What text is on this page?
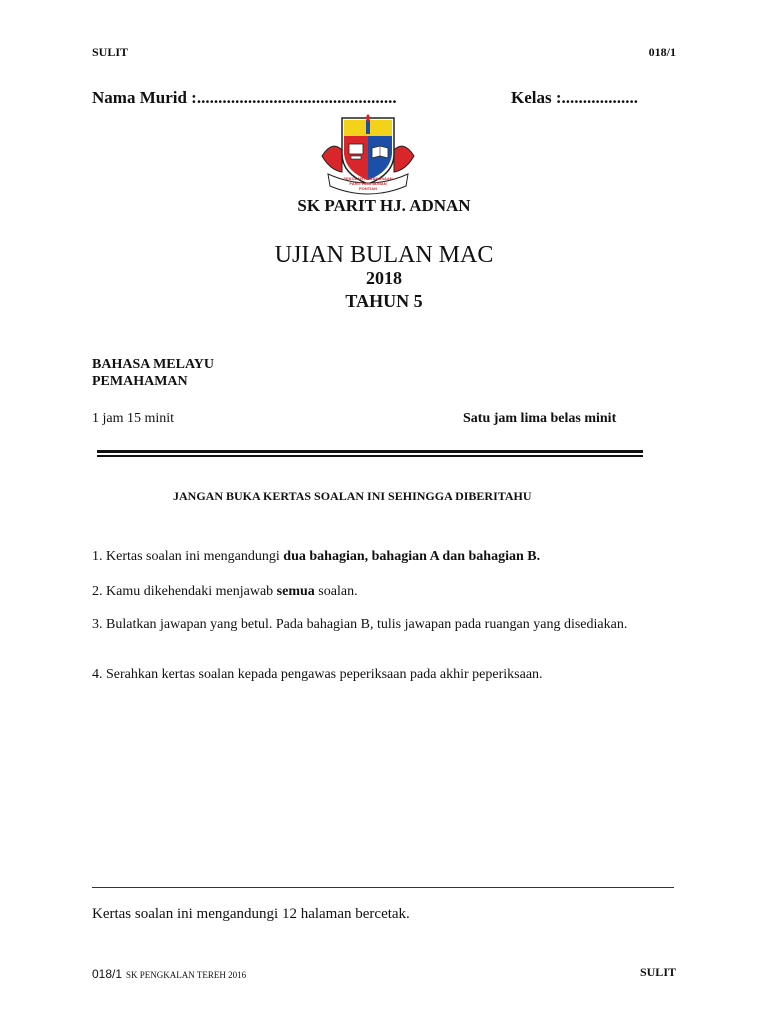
SULIT	018/1
Nama Murid :...............................................	Kelas :..................
SEKOLAH KEBANGSAAN
PARIT HAJI ADNAN PONTIAN
SK PARIT HJ. ADNAN
UJIAN BULAN MAC
2018
TAHUN 5
BAHASA MELAYU
PEMAHAMAN
1 jam 15 minit	Satu jam lima belas minit
JANGAN BUKA KERTAS SOALAN INI SEHINGGA DIBERITAHU
1. Kertas soalan ini mengandungi dua bahagian, bahagian A dan bahagian B.
2. Kamu dikehendaki menjawab semua soalan.
3. Bulatkan jawapan yang betul. Pada bahagian B, tulis jawapan pada ruangan yang disediakan.
4. Serahkan kertas soalan kepada pengawas peperiksaan pada akhir peperiksaan.
Kertas soalan ini mengandungi 12 halaman bercetak.
018/1 SK PENGKALAN TEREH 2016	SULIT
